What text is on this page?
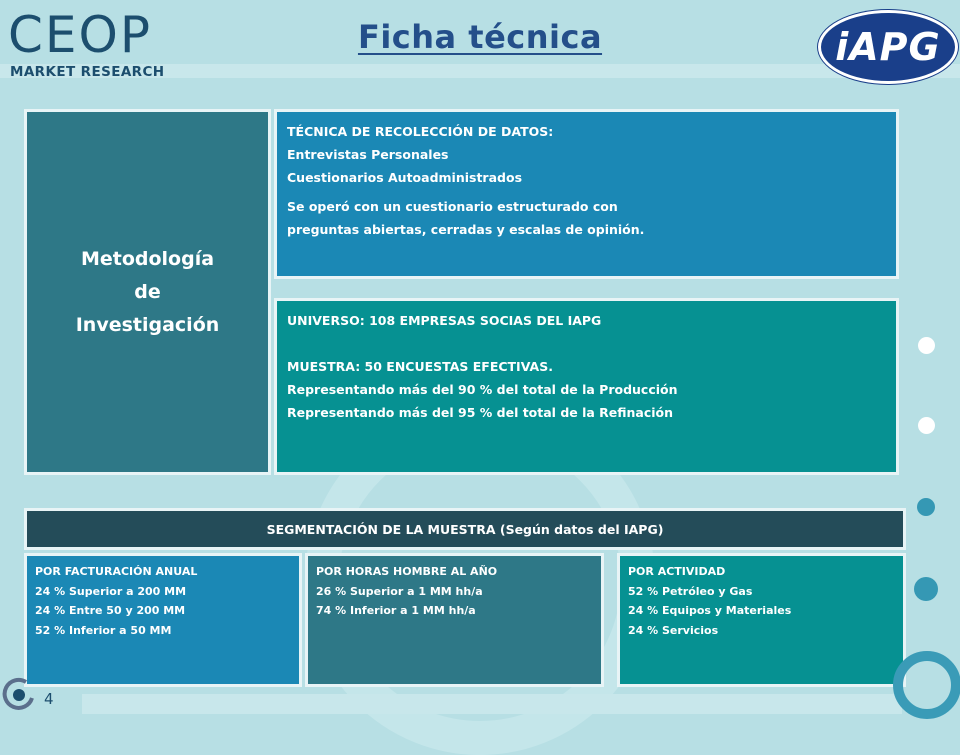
CEOP
MARKET RESEARCH
Ficha técnica	iAPG
Metodología
de
Investigación
TÉCNICA DE RECOLECCIÓN DE DATOS:
Entrevistas Personales
Cuestionarios Autoadministrados
Se operó con un cuestionario estructurado con
preguntas abiertas, cerradas y escalas de opinión.
UNIVERSO: 108 EMPRESAS SOCIAS DEL IAPG
MUESTRA: 50 ENCUESTAS EFECTIVAS.
Representando más del 90 % del total de la Producción
Representando más del 95 % del total de la Refinación
SEGMENTACIÓN DE LA MUESTRA (Según datos del IAPG)
POR FACTURACIÓN ANUAL
24 % Superior a 200 MM
24 % Entre 50 y 200 MM
52 % Inferior a 50 MM
POR HORAS HOMBRE AL AÑO
26 % Superior a 1 MM hh/a
74 % Inferior a 1 MM hh/a
POR ACTIVIDAD
52 % Petróleo y Gas
24 % Equipos y Materiales
24 % Servicios
4
